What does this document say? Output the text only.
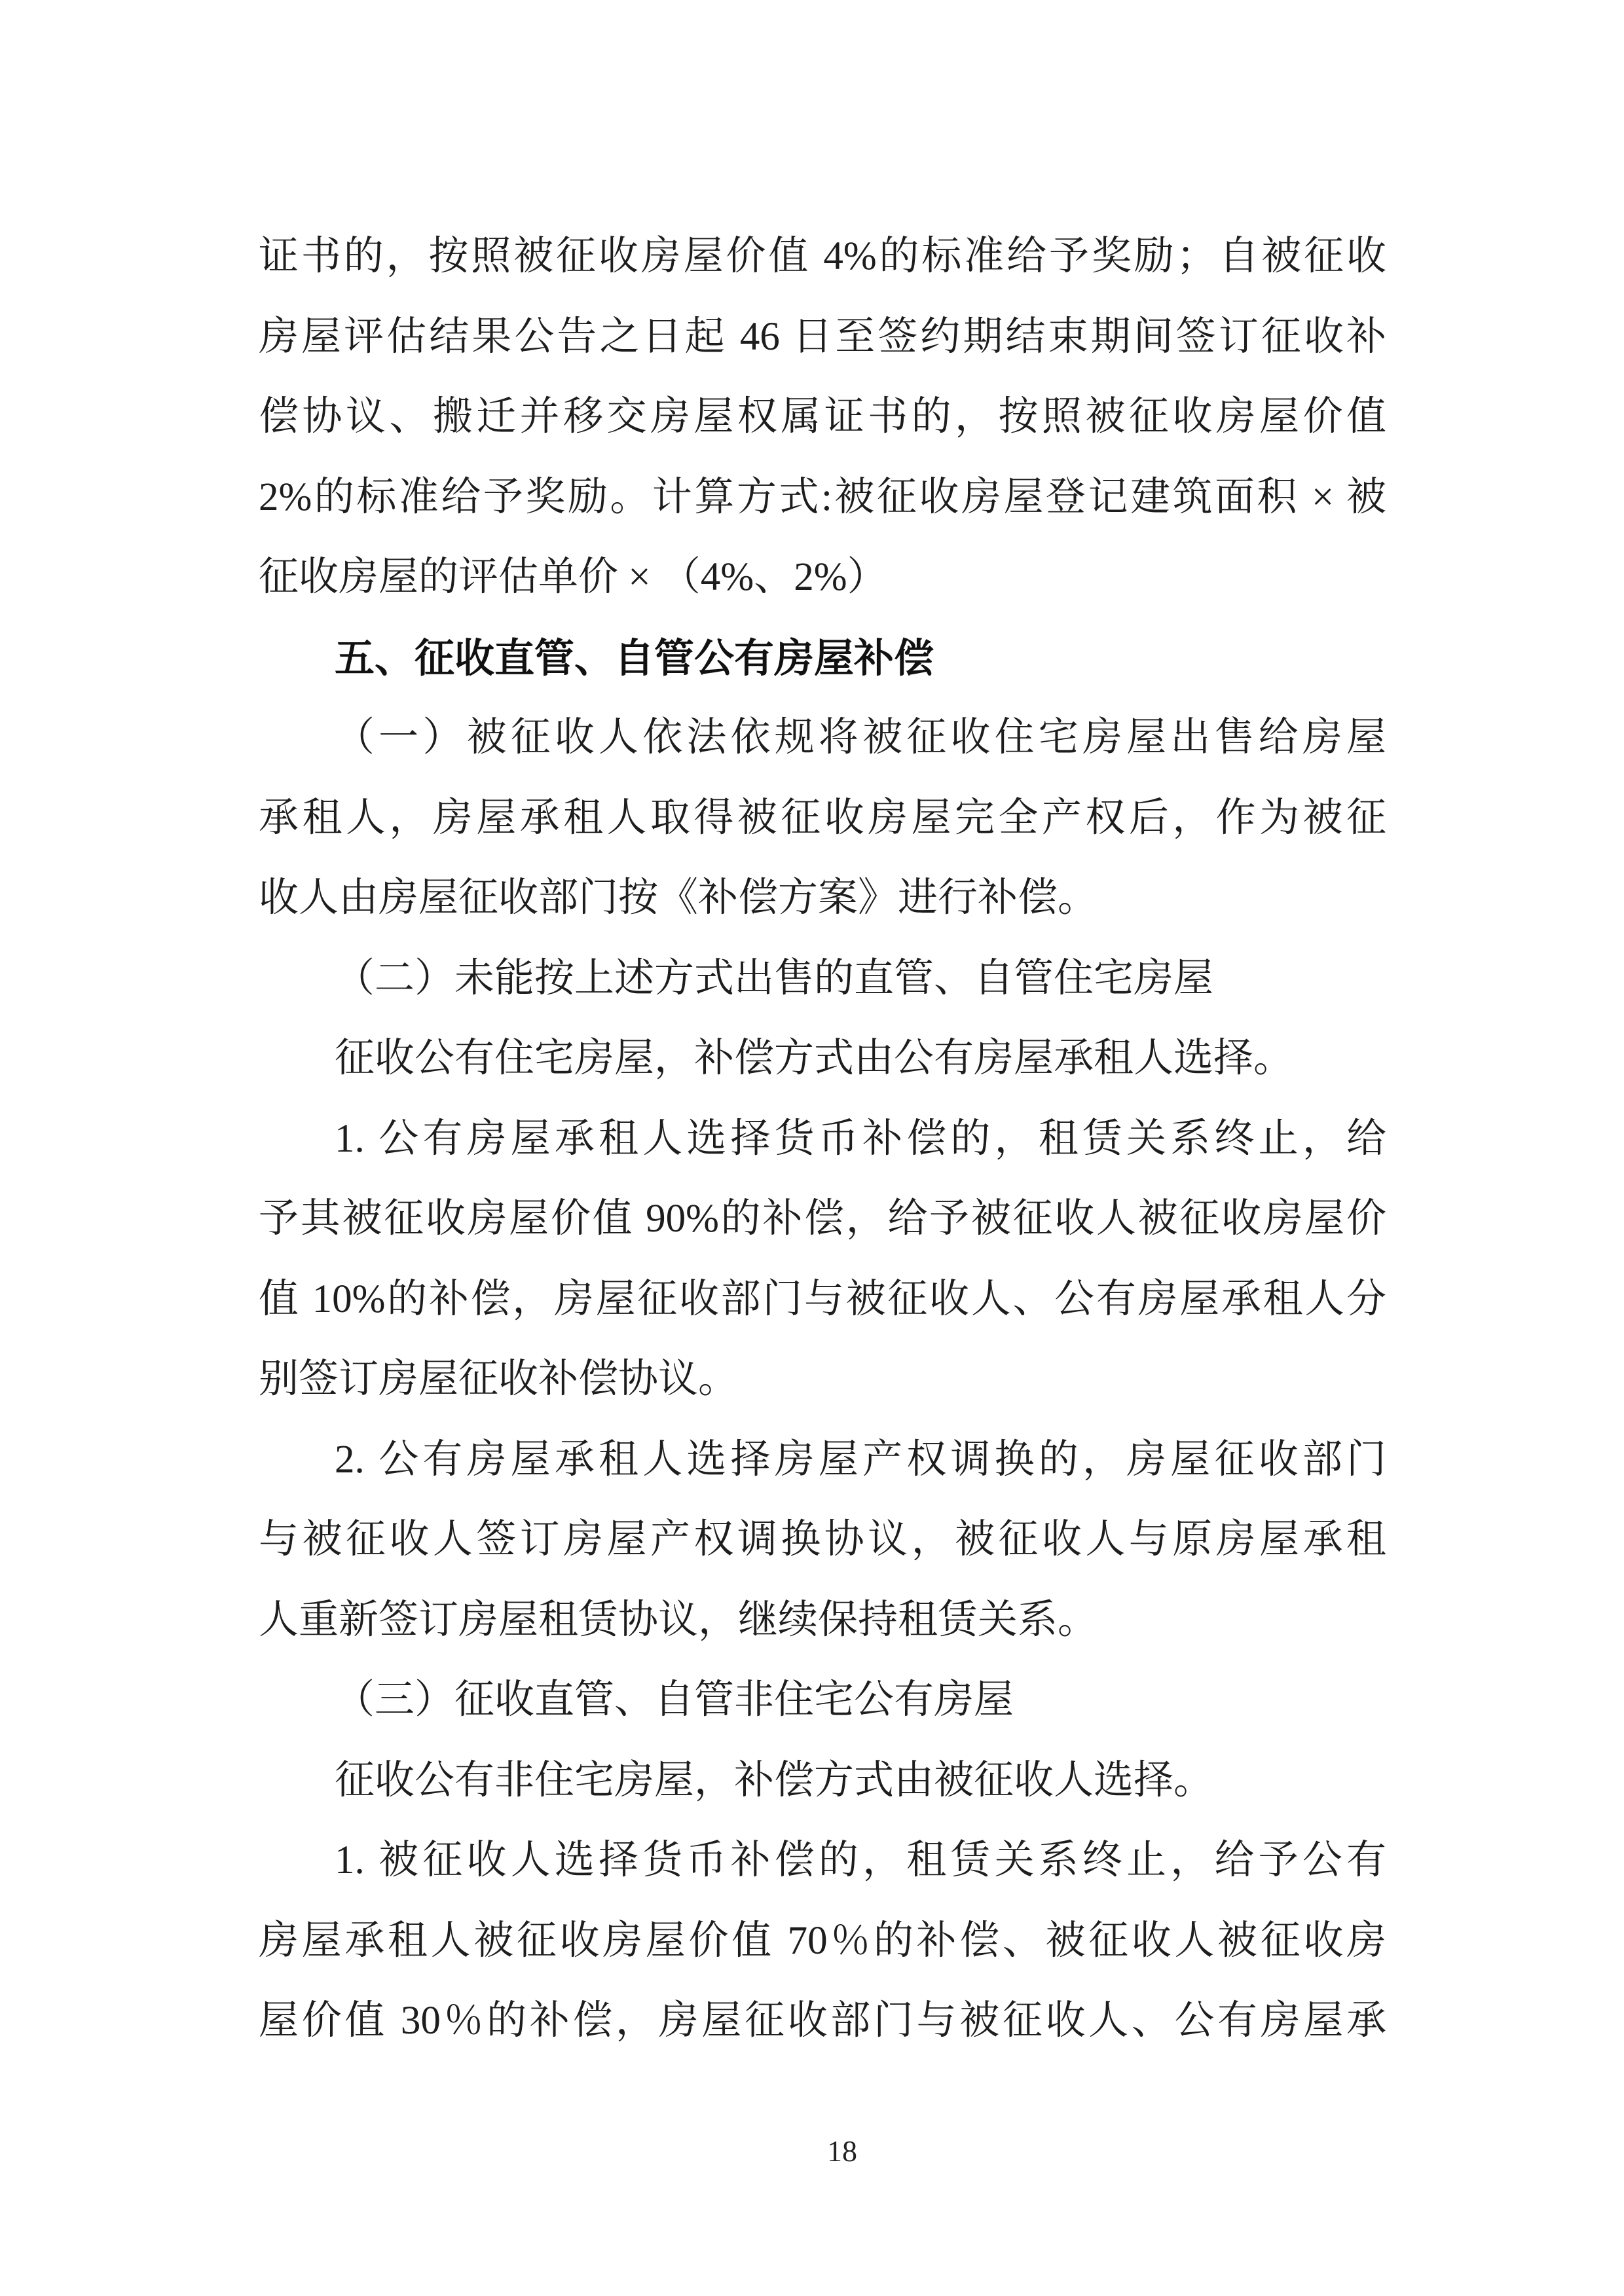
证书的，按照被征收房屋价值 4%的标准给予奖励；自被征收
房屋评估结果公告之日起 46 日至签约期结束期间签订征收补
偿协议、搬迁并移交房屋权属证书的，按照被征收房屋价值
2%的标准给予奖励。计算方式:被征收房屋登记建筑面积 × 被
征收房屋的评估单价 × （4%、2%）
五、征收直管、自管公有房屋补偿
（一）被征收人依法依规将被征收住宅房屋出售给房屋
承租人，房屋承租人取得被征收房屋完全产权后，作为被征
收人由房屋征收部门按《补偿方案》进行补偿。
（二）未能按上述方式出售的直管、自管住宅房屋
征收公有住宅房屋，补偿方式由公有房屋承租人选择。
1. 公有房屋承租人选择货币补偿的，租赁关系终止，给
予其被征收房屋价值 90%的补偿，给予被征收人被征收房屋价
值 10%的补偿，房屋征收部门与被征收人、公有房屋承租人分
别签订房屋征收补偿协议。
2. 公有房屋承租人选择房屋产权调换的，房屋征收部门
与被征收人签订房屋产权调换协议，被征收人与原房屋承租
人重新签订房屋租赁协议，继续保持租赁关系。
（三）征收直管、自管非住宅公有房屋
征收公有非住宅房屋，补偿方式由被征收人选择。
1. 被征收人选择货币补偿的，租赁关系终止，给予公有
房屋承租人被征收房屋价值 70％的补偿、被征收人被征收房
屋价值 30％的补偿，房屋征收部门与被征收人、公有房屋承
18
